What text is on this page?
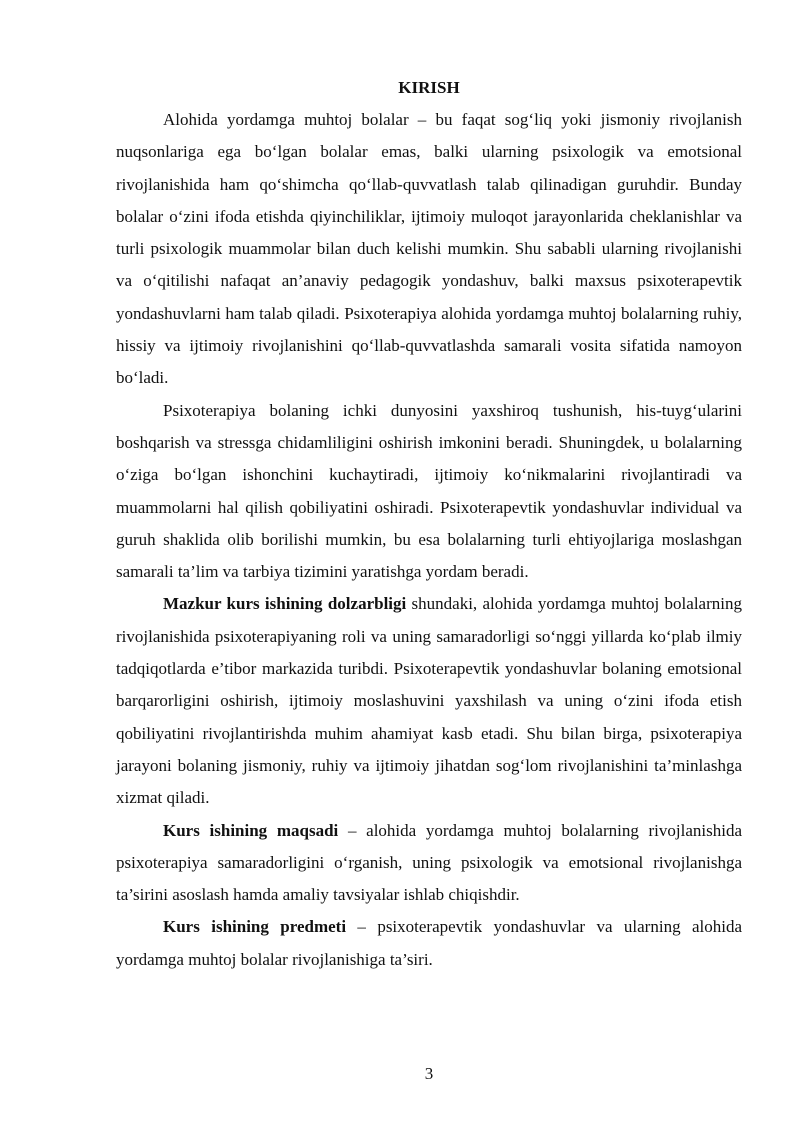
KIRISH

Alohida yordamga muhtoj bolalar – bu faqat sog‘liq yoki jismoniy rivojlanish nuqsonlariga ega bo‘lgan bolalar emas, balki ularning psixologik va emotsional rivojlanishida ham qo‘shimcha qo‘llab-quvvatlash talab qilinadigan guruhdir. Bunday bolalar o‘zini ifoda etishda qiyinchiliklar, ijtimoiy muloqot jarayonlarida cheklanishlar va turli psixologik muammolar bilan duch kelishi mumkin. Shu sababli ularning rivojlanishi va o‘qitilishi nafaqat an’anaviy pedagogik yondashuv, balki maxsus psixoterapevtik yondashuvlarni ham talab qiladi. Psixoterapiya alohida yordamga muhtoj bolalarning ruhiy, hissiy va ijtimoiy rivojlanishini qo‘llab-quvvatlashda samarali vosita sifatida namoyon bo‘ladi.

Psixoterapiya bolaning ichki dunyosini yaxshiroq tushunish, his-tuyg‘ularini boshqarish va stressga chidamliligini oshirish imkonini beradi. Shuningdek, u bolalarning o‘ziga bo‘lgan ishonchini kuchaytiradi, ijtimoiy ko‘nikmalarini rivojlantiradi va muammolarni hal qilish qobiliyatini oshiradi. Psixoterapevtik yondashuvlar individual va guruh shaklida olib borilishi mumkin, bu esa bolalarning turli ehtiyojlariga moslashgan samarali ta’lim va tarbiya tizimini yaratishga yordam beradi.

Mazkur kurs ishining dolzarbligi shundaki, alohida yordamga muhtoj bolalarning rivojlanishida psixoterapiyaning roli va uning samaradorligi so‘nggi yillarda ko‘plab ilmiy tadqiqotlarda e’tibor markazida turibdi. Psixoterapevtik yondashuvlar bolaning emotsional barqarorligini oshirish, ijtimoiy moslashuvini yaxshilash va uning o‘zini ifoda etish qobiliyatini rivojlantirishda muhim ahamiyat kasb etadi. Shu bilan birga, psixoterapiya jarayoni bolaning jismoniy, ruhiy va ijtimoiy jihatdan sog‘lom rivojlanishini ta’minlashga xizmat qiladi.

Kurs ishining maqsadi – alohida yordamga muhtoj bolalarning rivojlanishida psixoterapiya samaradorligini o‘rganish, uning psixologik va emotsional rivojlanishga ta’sirini asoslash hamda amaliy tavsiyalar ishlab chiqishdir.

Kurs ishining predmeti – psixoterapevtik yondashuvlar va ularning alohida yordamga muhtoj bolalar rivojlanishiga ta’siri.

3
